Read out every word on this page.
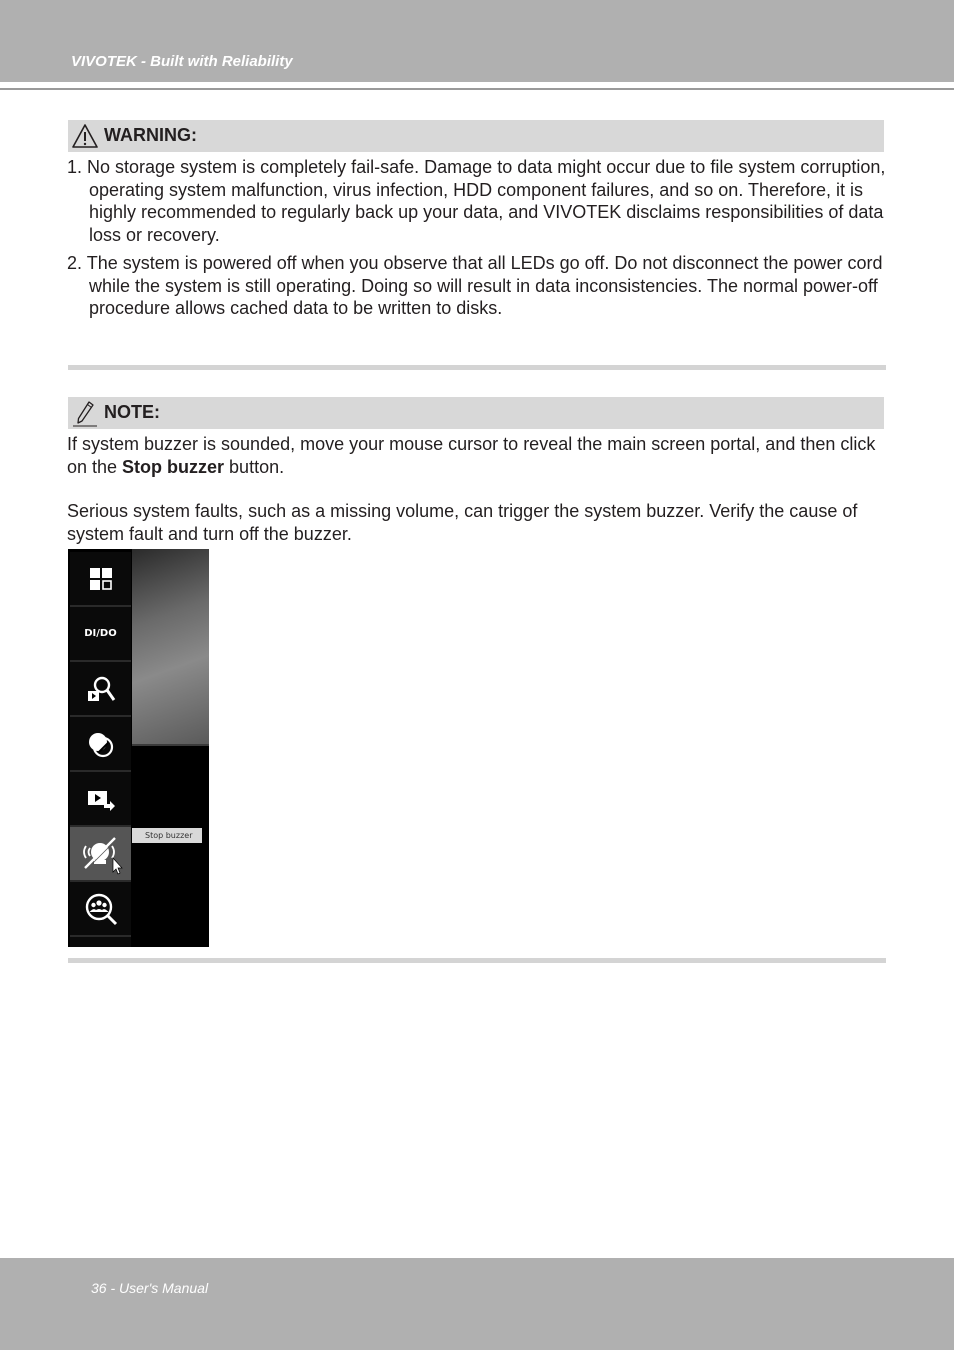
VIVOTEK - Built with Reliability
WARNING:
1. No storage system is completely fail-safe. Damage to data might occur due to file system corruption, operating system malfunction, virus infection, HDD component failures, and so on. Therefore, it is highly recommended to regularly back up your data, and VIVOTEK disclaims responsibilities of data loss or recovery.
2. The system is powered off when you observe that all LEDs go off. Do not disconnect the power cord while the system is still operating. Doing so will result in data inconsistencies. The normal power-off procedure allows cached data to be written to disks.
NOTE:
If system buzzer is sounded, move your mouse cursor to reveal the main screen portal, and then click on the Stop buzzer button.
Serious system faults, such as a missing volume, can trigger the system buzzer. Verify the cause of system fault and turn off the buzzer.
DI/DO
Stop buzzer
36 - User's Manual
